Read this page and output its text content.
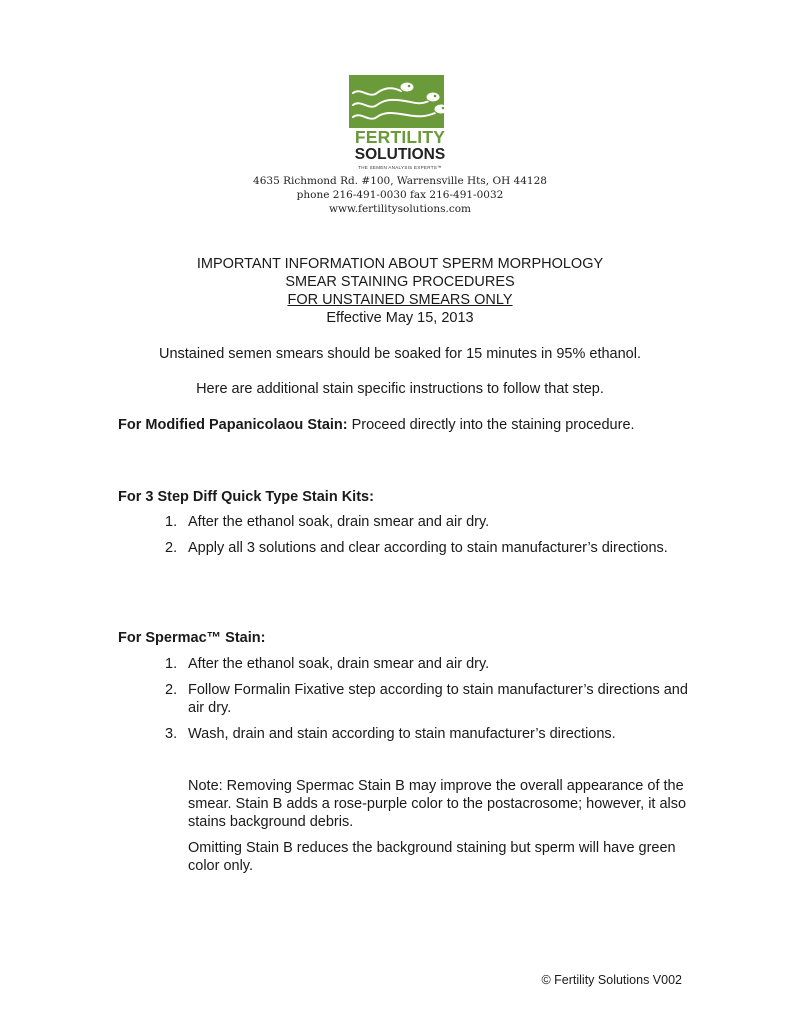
FERTILITY
SOLUTIONS
THE SEMEN ANALYSIS EXPERTS™
4635 Richmond Rd. #100, Warrensville Hts, OH 44128
phone 216-491-0030 fax 216-491-0032
www.fertilitysolutions.com
IMPORTANT INFORMATION ABOUT SPERM MORPHOLOGY
SMEAR STAINING PROCEDURES
FOR UNSTAINED SMEARS ONLY
Effective May 15, 2013
Unstained semen smears should be soaked for 15 minutes in 95% ethanol.
Here are additional stain specific instructions to follow that step.
For Modified Papanicolaou Stain: Proceed directly into the staining procedure.
For 3 Step Diff Quick Type Stain Kits:
1. After the ethanol soak, drain smear and air dry.
2. Apply all 3 solutions and clear according to stain manufacturer’s directions.
For Spermac™ Stain:
1. After the ethanol soak, drain smear and air dry.
2. Follow Formalin Fixative step according to stain manufacturer’s directions and air dry.
3. Wash, drain and stain according to stain manufacturer’s directions.
Note: Removing Spermac Stain B may improve the overall appearance of the smear. Stain B adds a rose-purple color to the postacrosome; however, it also stains background debris.
Omitting Stain B reduces the background staining but sperm will have green color only.
© Fertility Solutions V002
